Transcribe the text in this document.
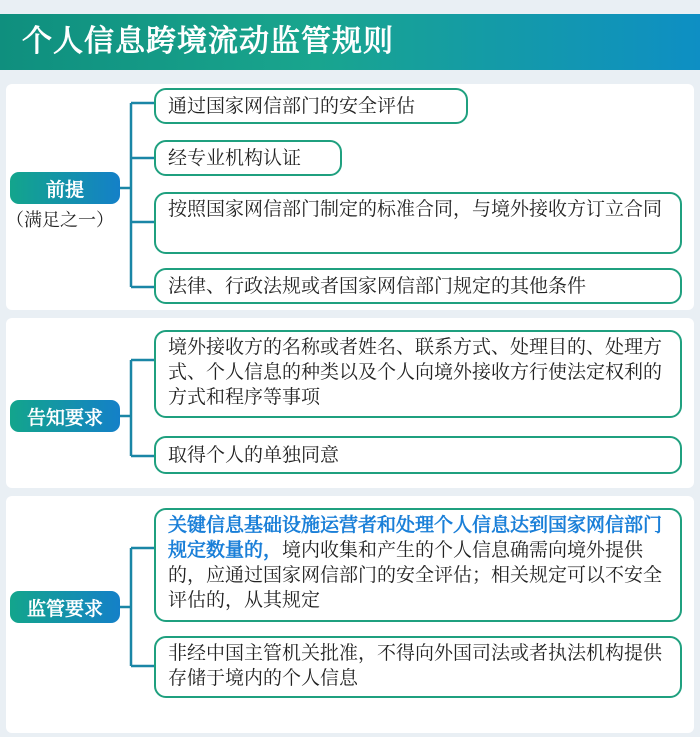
个人信息跨境流动监管规则
前提
（满足之一）
通过国家网信部门的安全评估
经专业机构认证
按照国家网信部门制定的标准合同，与境外接收方订立合同
法律、行政法规或者国家网信部门规定的其他条件
告知要求
境外接收方的名称或者姓名、联系方式、处理目的、处理方式、个人信息的种类以及个人向境外接收方行使法定权利的方式和程序等事项
取得个人的单独同意
监管要求
关键信息基础设施运营者和处理个人信息达到国家网信部门规定数量的，境内收集和产生的个人信息确需向境外提供的，应通过国家网信部门的安全评估；相关规定可以不安全评估的，从其规定
非经中国主管机关批准，不得向外国司法或者执法机构提供存储于境内的个人信息
